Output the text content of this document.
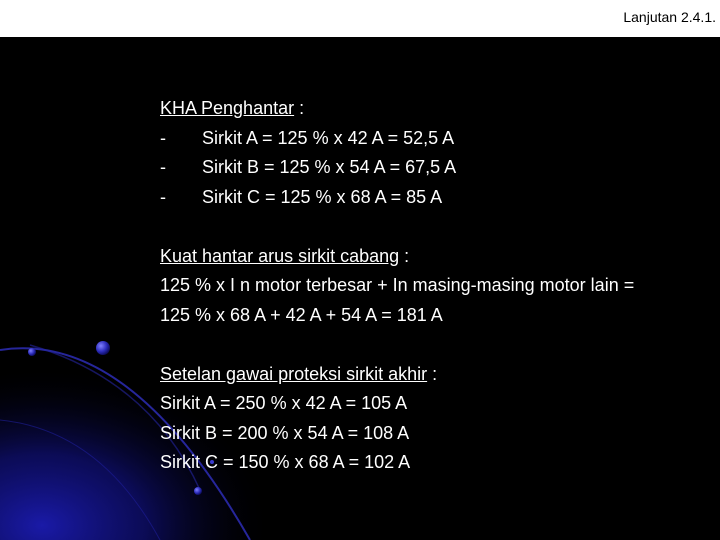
Lanjutan 2.4.1.
KHA Penghantar :
- Sirkit A = 125 % x 42 A = 52,5 A
- Sirkit B = 125 % x 54 A = 67,5 A
- Sirkit C = 125 % x 68 A = 85 A
Kuat hantar arus sirkit cabang :
125 % x I n motor terbesar + In masing-masing motor lain =
125 % x 68 A + 42 A + 54 A = 181 A
Setelan gawai proteksi sirkit akhir :
Sirkit A = 250 % x 42 A = 105 A
Sirkit B = 200 % x 54 A = 108 A
Sirkit C = 150 % x 68 A = 102 A
